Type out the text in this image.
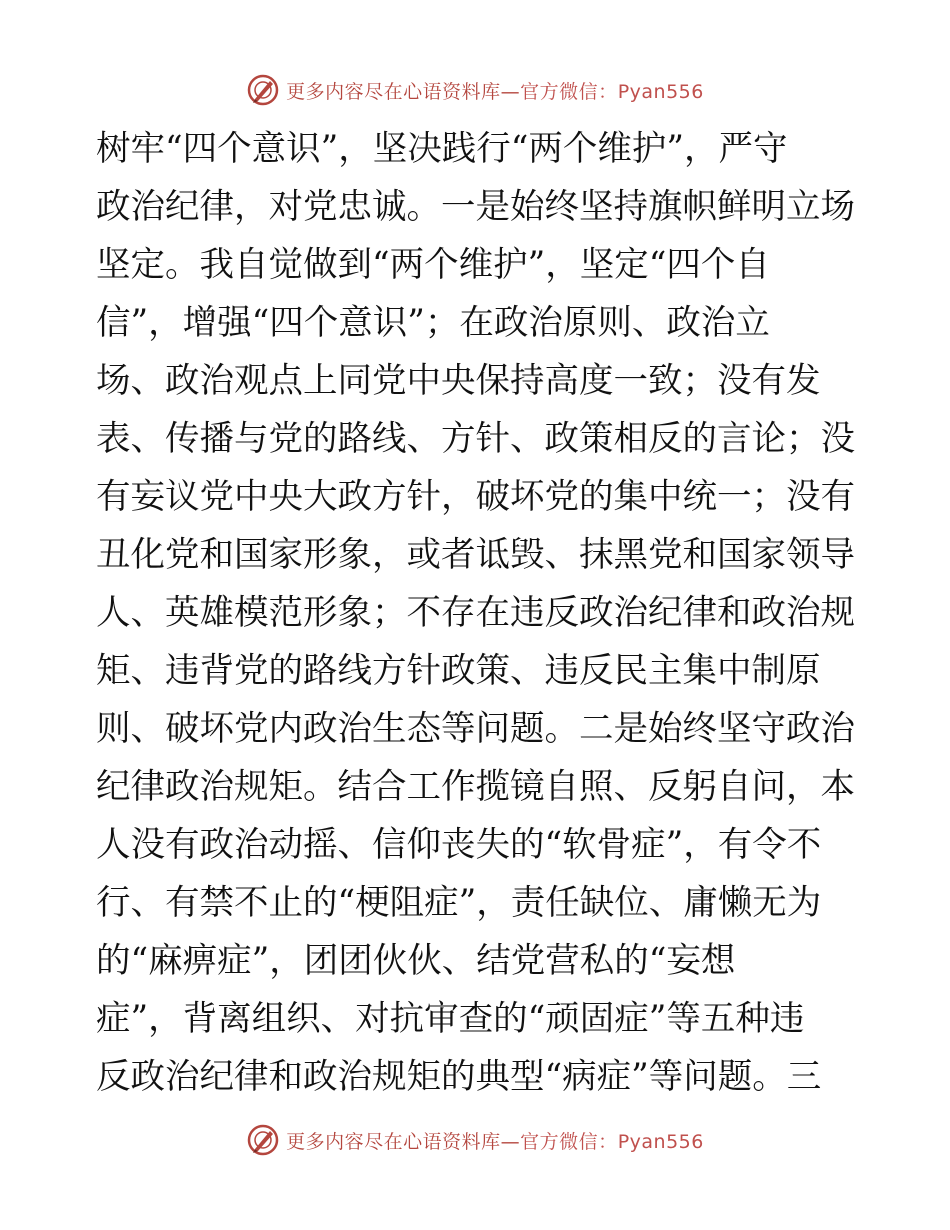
更多内容尽在心语资料库—官方微信：Pyan556
树牢“四个意识”，坚决践行“两个维护”，严守
政治纪律，对党忠诚。一是始终坚持旗帜鲜明立场
坚定。我自觉做到“两个维护”，坚定“四个自
信”，增强“四个意识”；在政治原则、政治立
场、政治观点上同党中央保持高度一致；没有发
表、传播与党的路线、方针、政策相反的言论；没
有妄议党中央大政方针，破坏党的集中统一；没有
丑化党和国家形象，或者诋毁、抹黑党和国家领导
人、英雄模范形象；不存在违反政治纪律和政治规
矩、违背党的路线方针政策、违反民主集中制原
则、破坏党内政治生态等问题。二是始终坚守政治
纪律政治规矩。结合工作揽镜自照、反躬自问，本
人没有政治动摇、信仰丧失的“软骨症”，有令不
行、有禁不止的“梗阻症”，责任缺位、庸懒无为
的“麻痹症”，团团伙伙、结党营私的“妄想
症”，背离组织、对抗审查的“顽固症”等五种违
反政治纪律和政治规矩的典型“病症”等问题。三
更多内容尽在心语资料库—官方微信：Pyan556
